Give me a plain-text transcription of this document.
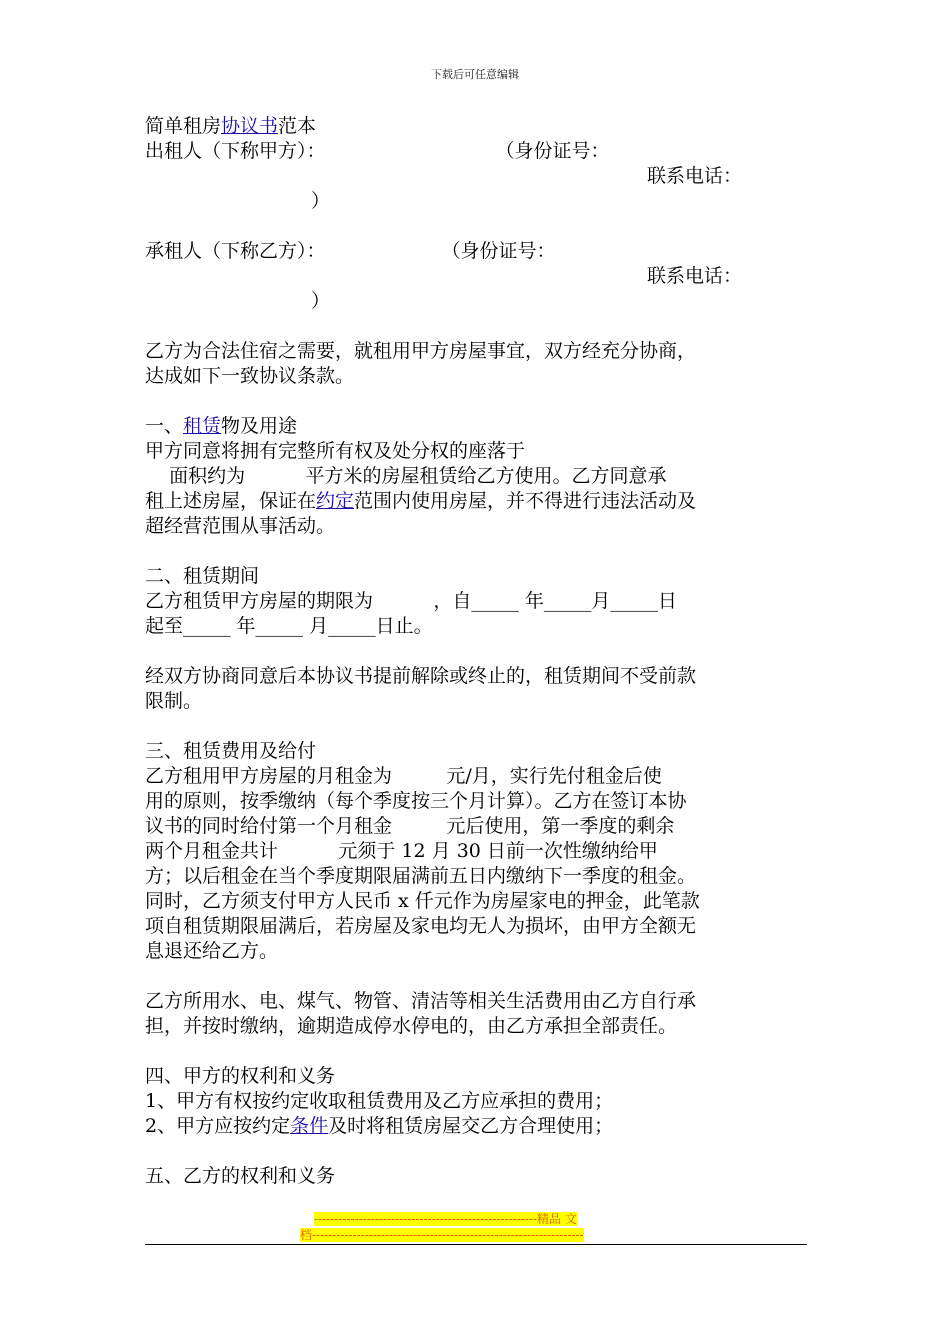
下载后可任意编辑
简单租房协议书范本
出租人（下称甲方）：	（身份证号：
联系电话：
）
承租人（下称乙方）：	（身份证号：
联系电话：
）
乙方为合法住宿之需要，就租用甲方房屋事宜，双方经充分协商，
达成如下一致协议条款。
一、租赁物及用途
甲方同意将拥有完整所有权及处分权的座落于
面积约为          平方米的房屋租赁给乙方使用。乙方同意承
租上述房屋，保证在约定范围内使用房屋，并不得进行违法活动及
超经营范围从事活动。
二、租赁期间
乙方租赁甲方房屋的期限为          ，自_____ 年_____月_____日
起至_____ 年_____ 月_____日止。
经双方协商同意后本协议书提前解除或终止的，租赁期间不受前款
限制。
三、租赁费用及给付
乙方租用甲方房屋的月租金为         元/月，实行先付租金后使
用的原则，按季缴纳（每个季度按三个月计算）。乙方在签订本协
议书的同时给付第一个月租金         元后使用，第一季度的剩余
两个月租金共计          元须于 12 月 30 日前一次性缴纳给甲
方；以后租金在当个季度期限届满前五日内缴纳下一季度的租金。
同时，乙方须支付甲方人民币 x 仟元作为房屋家电的押金，此笔款
项自租赁期限届满后，若房屋及家电均无人为损坏，由甲方全额无
息退还给乙方。
乙方所用水、电、煤气、物管、清洁等相关生活费用由乙方自行承
担，并按时缴纳，逾期造成停水停电的，由乙方承担全部责任。
四、甲方的权利和义务
1、甲方有权按约定收取租赁费用及乙方应承担的费用；
2、甲方应按约定条件及时将租赁房屋交乙方合理使用；
五、乙方的权利和义务
-------------------------------------------------------精品 文
档-------------------------------------------------------------------
